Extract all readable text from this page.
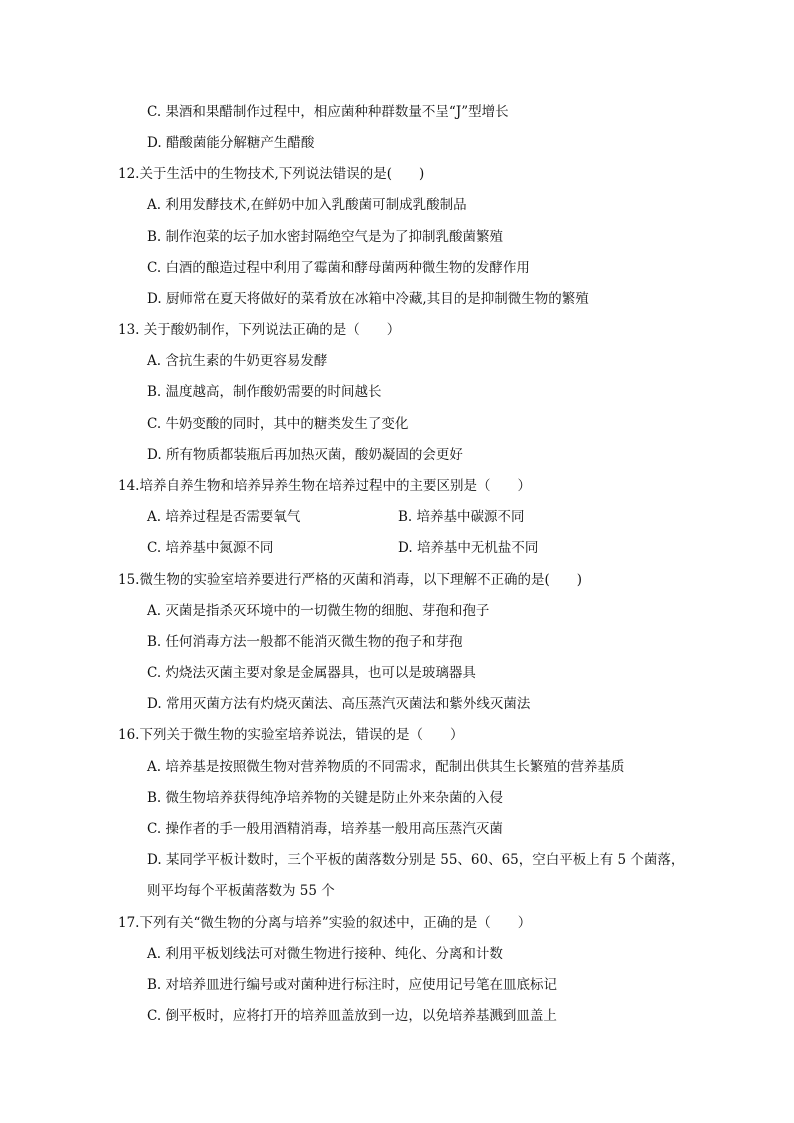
C. 果酒和果醋制作过程中，相应菌种种群数量不呈“J”型增长
D. 醋酸菌能分解糖产生醋酸
12.关于生活中的生物技术,下列说法错误的是(　　)
A. 利用发酵技术,在鲜奶中加入乳酸菌可制成乳酸制品
B. 制作泡菜的坛子加水密封隔绝空气是为了抑制乳酸菌繁殖
C. 白酒的酿造过程中利用了霉菌和酵母菌两种微生物的发酵作用
D. 厨师常在夏天将做好的菜肴放在冰箱中冷藏,其目的是抑制微生物的繁殖
13. 关于酸奶制作，下列说法正确的是（　　）
A. 含抗生素的牛奶更容易发酵
B. 温度越高，制作酸奶需要的时间越长
C. 牛奶变酸的同时，其中的糖类发生了变化
D. 所有物质都装瓶后再加热灭菌，酸奶凝固的会更好
14.培养自养生物和培养异养生物在培养过程中的主要区别是（　　）
A. 培养过程是否需要氧气	B. 培养基中碳源不同
C. 培养基中氮源不同	D. 培养基中无机盐不同
15.微生物的实验室培养要进行严格的灭菌和消毒，以下理解不正确的是(　　)
A. 灭菌是指杀灭环境中的一切微生物的细胞、芽孢和孢子
B. 任何消毒方法一般都不能消灭微生物的孢子和芽孢
C. 灼烧法灭菌主要对象是金属器具，也可以是玻璃器具
D. 常用灭菌方法有灼烧灭菌法、高压蒸汽灭菌法和紫外线灭菌法
16.下列关于微生物的实验室培养说法，错误的是（　　）
A. 培养基是按照微生物对营养物质的不同需求，配制出供其生长繁殖的营养基质
B. 微生物培养获得纯净培养物的关键是防止外来杂菌的入侵
C. 操作者的手一般用酒精消毒，培养基一般用高压蒸汽灭菌
D. 某同学平板计数时，三个平板的菌落数分别是 55、60、65，空白平板上有 5 个菌落，
则平均每个平板菌落数为 55 个
17.下列有关“微生物的分离与培养”实验的叙述中，正确的是（　　）
A. 利用平板划线法可对微生物进行接种、纯化、分离和计数
B. 对培养皿进行编号或对菌种进行标注时，应使用记号笔在皿底标记
C. 倒平板时，应将打开的培养皿盖放到一边，以免培养基溅到皿盖上
